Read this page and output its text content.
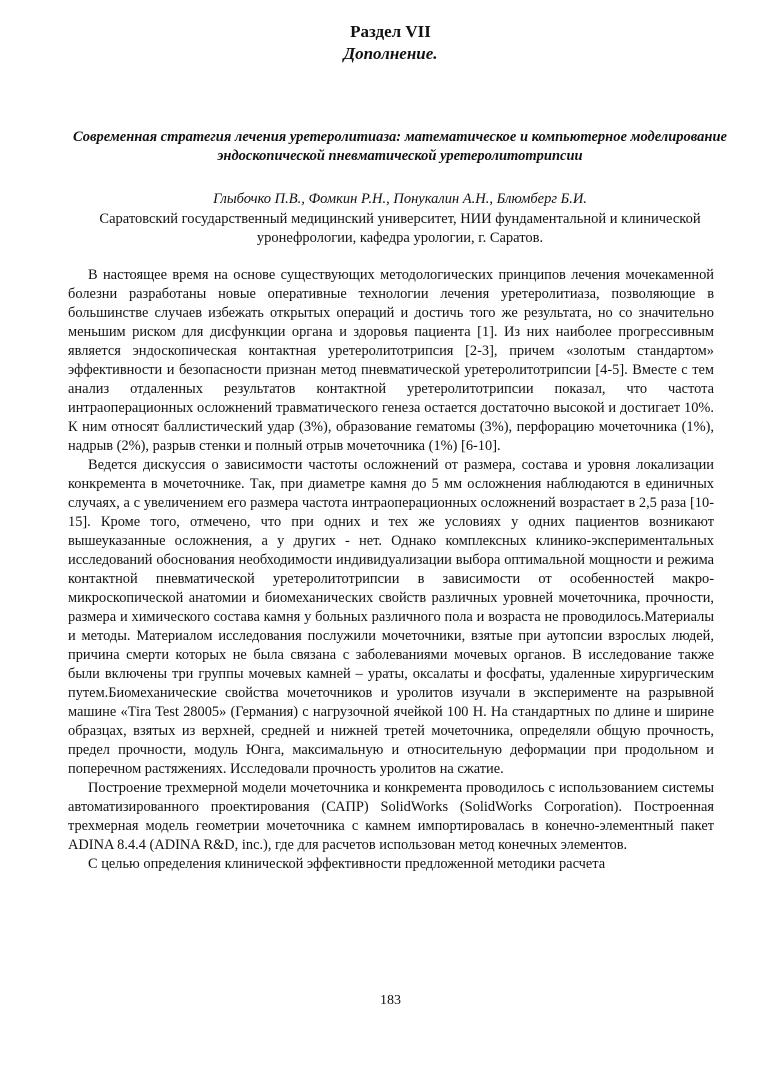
Раздел VII
Дополнение.
Современная стратегия лечения уретеролитиаза: математическое и компьютерное моделирование эндоскопической пневматической уретеролитотрипсии
Глыбочко П.В., Фомкин Р.Н., Понукалин А.Н., Блюмберг Б.И.
Саратовский государственный медицинский университет, НИИ фундаментальной и клинической уронефрологии, кафедра урологии, г. Саратов.

В настоящее время на основе существующих методологических принципов лечения мочекаменной болезни разработаны новые оперативные технологии лечения уретеролитиаза, позволяющие в большинстве случаев избежать открытых операций и достичь того же результата, но со значительно меньшим риском для дисфункции органа и здоровья пациента [1]. Из них наиболее прогрессивным является эндоскопическая контактная уретеролитотрипсия [2-3], причем «золотым стандартом» эффективности и безопасности признан метод пневматической уретеролитотрипсии [4-5]. Вместе с тем анализ отдаленных результатов контактной уретеролитотрипсии показал, что частота интраоперационных осложнений травматического генеза остается достаточно высокой и достигает 10%. К ним относят баллистический удар (3%), образование гематомы (3%), перфорацию мочеточника (1%), надрыв (2%), разрыв стенки и полный отрыв мочеточника (1%) [6-10].

Ведется дискуссия о зависимости частоты осложнений от размера, состава и уровня локализации конкремента в мочеточнике. Так, при диаметре камня до 5 мм осложнения наблюдаются в единичных случаях, а с увеличением его размера частота интраоперационных осложнений возрастает в 2,5 раза [10-15]. Кроме того, отмечено, что при одних и тех же условиях у одних пациентов возникают вышеуказанные осложнения, а у других - нет. Однако комплексных клинико-экспериментальных исследований обоснования необходимости индивидуализации выбора оптимальной мощности и режима контактной пневматической уретеролитотрипсии в зависимости от особенностей макро-микроскопической анатомии и биомеханических свойств различных уровней мочеточника, прочности, размера и химического состава камня у больных различного пола и возраста не проводилось.Материалы и методы. Материалом исследования послужили мочеточники, взятые при аутопсии взрослых людей, причина смерти которых не была связана с заболеваниями мочевых органов. В исследование также были включены три группы мочевых камней – ураты, оксалаты и фосфаты, удаленные хирургическим путем.Биомеханические свойства мочеточников и уролитов изучали в эксперименте на разрывной машине «Tira Test 28005» (Германия) с нагрузочной ячейкой 100 Н. На стандартных по длине и ширине образцах, взятых из верхней, средней и нижней третей мочеточника, определяли общую прочность, предел прочности, модуль Юнга, максимальную и относительную деформации при продольном и поперечном растяжениях. Исследовали прочность уролитов на сжатие.

Построение трехмерной модели мочеточника и конкремента проводилось с использованием системы автоматизированного проектирования (САПР) SolidWorks (SolidWorks Corporation). Построенная трехмерная модель геометрии мочеточника с камнем импортировалась в конечно-элементный пакет ADINA 8.4.4 (ADINA R&D, inc.), где для расчетов использован метод конечных элементов.

С целью определения клинической эффективности предложенной методики расчета

183
